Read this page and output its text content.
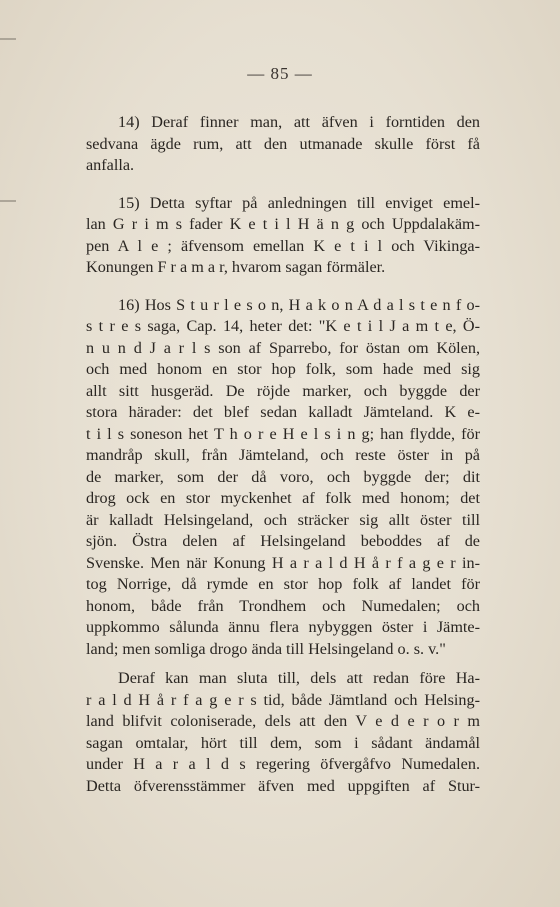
— 85 —
14) Deraf finner man, att äfven i forntiden den
sedvana ägde rum, att den utmanade skulle först få
anfalla.
15) Detta syftar på anledningen till enviget emel-
lan G r i m s fader K e t i l H ä n g och Uppdalakäm-
pen A l e ; äfvensom emellan K e t i l och Vikinga-
Konungen F r a m a r, hvarom sagan förmäler.
16) Hos S t u r l e s o n, H a k o n A d a l s t e n f o-
s t r e s saga, Cap. 14, heter det: "K e t i l J a m t e, Ö-
n u n d J a r l s son af Sparrebo, for östan om Kölen,
och med honom en stor hop folk, som hade med sig
allt sitt husgeräd. De röjde marker, och byggde der
stora härader: det blef sedan kalladt Jämteland. K e-
t i l s soneson het T h o r e H e l s i n g; han flydde, för
mandråp skull, från Jämteland, och reste öster in på
de marker, som der då voro, och byggde der; dit
drog ock en stor myckenhet af folk med honom; det
är kalladt Helsingeland, och sträcker sig allt öster till
sjön. Östra delen af Helsingeland beboddes af de
Svenske. Men när Konung H a r a l d H å r f a g e r in-
tog Norrige, då rymde en stor hop folk af landet för
honom, både från Trondhem och Numedalen; och
uppkommo sålunda ännu flera nybyggen öster i Jämte-
land; men somliga drogo ända till Helsingeland o. s. v."
Deraf kan man sluta till, dels att redan före Ha-
r a l d H å r f a g e r s tid, både Jämtland och Helsing-
land blifvit coloniserade, dels att den V e d e r o r m
sagan omtalar, hört till dem, som i sådant ändamål
under H a r a l d s regering öfvergåfvo Numedalen.
Detta öfverensstämmer äfven med uppgiften af Stur-
